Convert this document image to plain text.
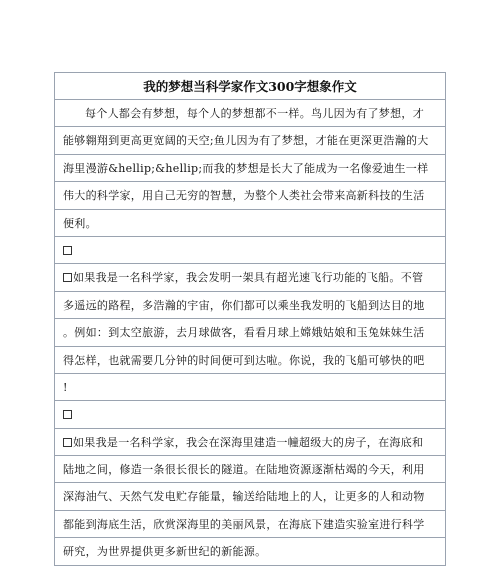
我的梦想当科学家作文300字想象作文
每个人都会有梦想，每个人的梦想都不一样。鸟儿因为有了梦想，才
能够翱翔到更高更宽阔的天空;鱼儿因为有了梦想，才能在更深更浩瀚的大
海里漫游&hellip;&hellip;而我的梦想是长大了能成为一名像爱迪生一样
伟大的科学家，用自己无穷的智慧，为整个人类社会带来高新科技的生活
便利。
如果我是一名科学家，我会发明一架具有超光速飞行功能的飞船。不管
多遥远的路程，多浩瀚的宇宙，你们都可以乘坐我发明的飞船到达目的地
。例如：到太空旅游，去月球做客，看看月球上嫦娥姑娘和玉兔妹妹生活
得怎样，也就需要几分钟的时间便可到达啦。你说，我的飞船可够快的吧
!
如果我是一名科学家，我会在深海里建造一幢超级大的房子，在海底和
陆地之间，修造一条很长很长的隧道。在陆地资源逐渐枯竭的今天，利用
深海油气、天然气发电贮存能量，输送给陆地上的人，让更多的人和动物
都能到海底生活，欣赏深海里的美丽风景，在海底下建造实验室进行科学
研究，为世界提供更多新世纪的新能源。
